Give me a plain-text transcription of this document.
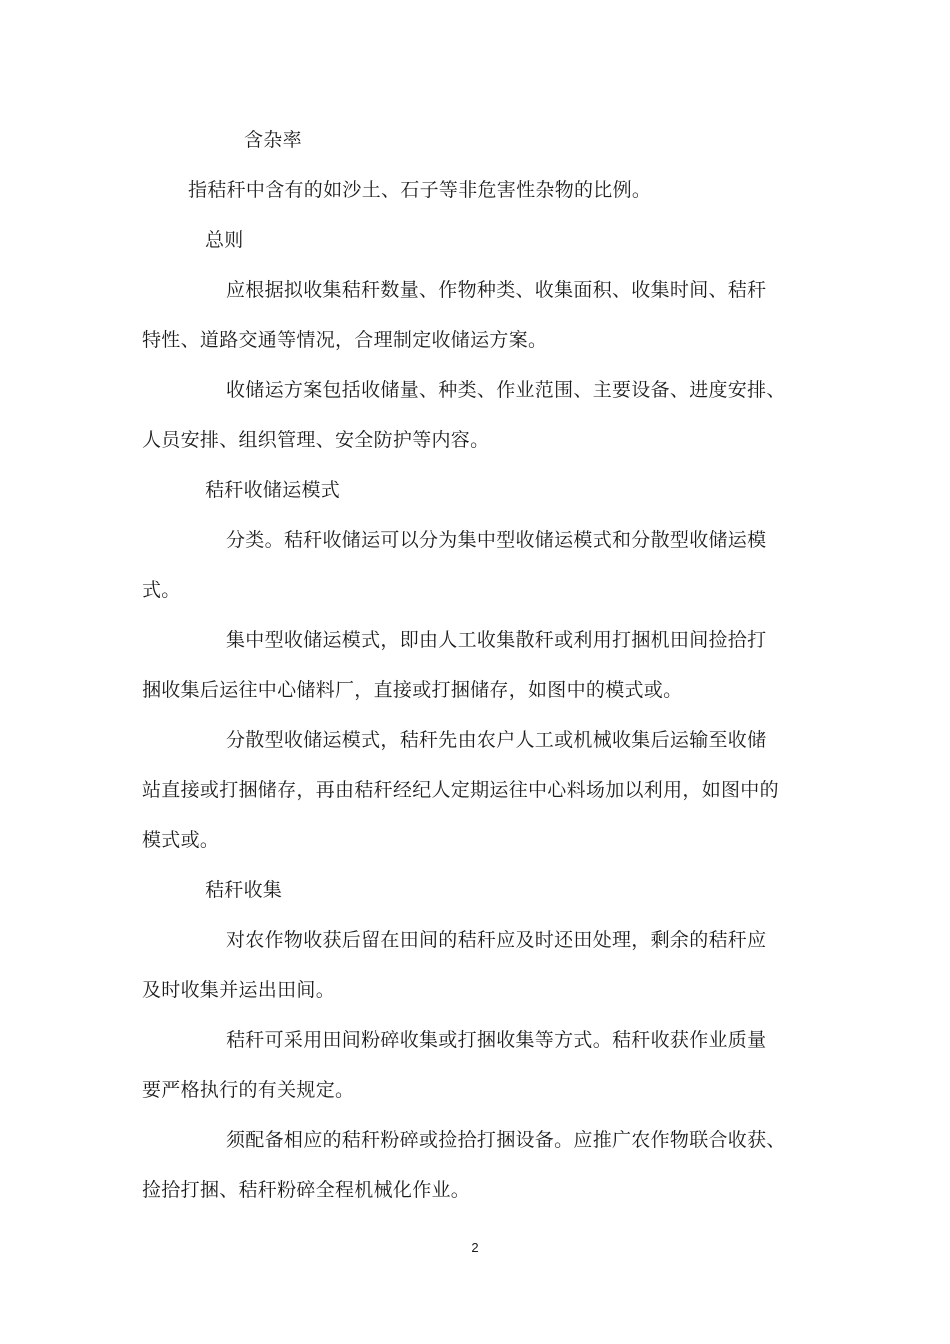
含杂率
指秸秆中含有的如沙土、石子等非危害性杂物的比例。
总则
应根据拟收集秸秆数量、作物种类、收集面积、收集时间、秸秆
特性、道路交通等情况，合理制定收储运方案。
收储运方案包括收储量、种类、作业范围、主要设备、进度安排、
人员安排、组织管理、安全防护等内容。
秸秆收储运模式
分类。秸秆收储运可以分为集中型收储运模式和分散型收储运模
式。
集中型收储运模式，即由人工收集散秆或利用打捆机田间捡拾打
捆收集后运往中心储料厂，直接或打捆储存，如图中的模式或。
分散型收储运模式，秸秆先由农户人工或机械收集后运输至收储
站直接或打捆储存，再由秸秆经纪人定期运往中心料场加以利用，如图中的
模式或。
秸秆收集
对农作物收获后留在田间的秸秆应及时还田处理，剩余的秸秆应
及时收集并运出田间。
秸秆可采用田间粉碎收集或打捆收集等方式。秸秆收获作业质量
要严格执行的有关规定。
须配备相应的秸秆粉碎或捡拾打捆设备。应推广农作物联合收获、
捡拾打捆、秸秆粉碎全程机械化作业。
2
